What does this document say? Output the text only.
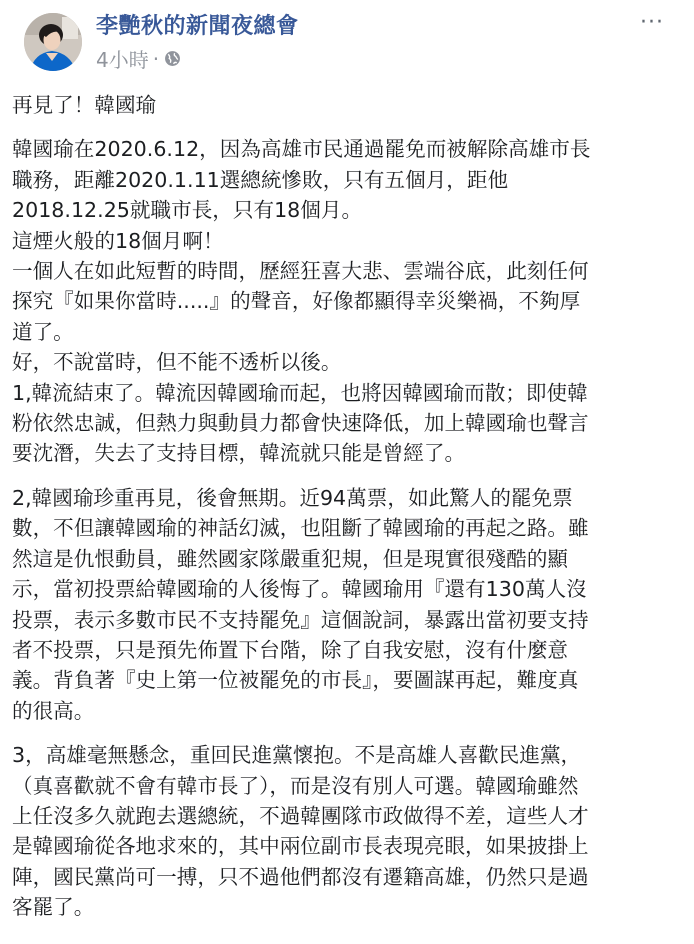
李艷秋的新聞夜總會
4小時 ·
···

再見了！韓國瑜

韓國瑜在2020.6.12，因為高雄市民通過罷免而被解除高雄市長

職務，距離2020.1.11選總統慘敗，只有五個月，距他

2018.12.25就職市長，只有18個月。

這煙火般的18個月啊！

一個人在如此短暫的時間，歷經狂喜大悲、雲端谷底，此刻任何

探究『如果你當時.....』的聲音，好像都顯得幸災樂禍，不夠厚

道了。

好，不說當時，但不能不透析以後。

1,韓流結束了。韓流因韓國瑜而起，也將因韓國瑜而散；即使韓

粉依然忠誠，但熱力與動員力都會快速降低，加上韓國瑜也聲言

要沈潛，失去了支持目標，韓流就只能是曾經了。

2,韓國瑜珍重再見，後會無期。近94萬票，如此驚人的罷免票

數，不但讓韓國瑜的神話幻滅，也阻斷了韓國瑜的再起之路。雖

然這是仇恨動員，雖然國家隊嚴重犯規，但是現實很殘酷的顯

示，當初投票給韓國瑜的人後悔了。韓國瑜用『還有130萬人沒

投票，表示多數市民不支持罷免』這個說詞，暴露出當初要支持

者不投票，只是預先佈置下台階，除了自我安慰，沒有什麼意

義。背負著『史上第一位被罷免的市長』，要圖謀再起，難度真

的很高。

3，高雄毫無懸念，重回民進黨懷抱。不是高雄人喜歡民進黨，

（真喜歡就不會有韓市長了），而是沒有別人可選。韓國瑜雖然

上任沒多久就跑去選總統，不過韓團隊市政做得不差，這些人才

是韓國瑜從各地求來的，其中兩位副市長表現亮眼，如果披掛上

陣，國民黨尚可一搏，只不過他們都沒有遷籍高雄，仍然只是過

客罷了。
